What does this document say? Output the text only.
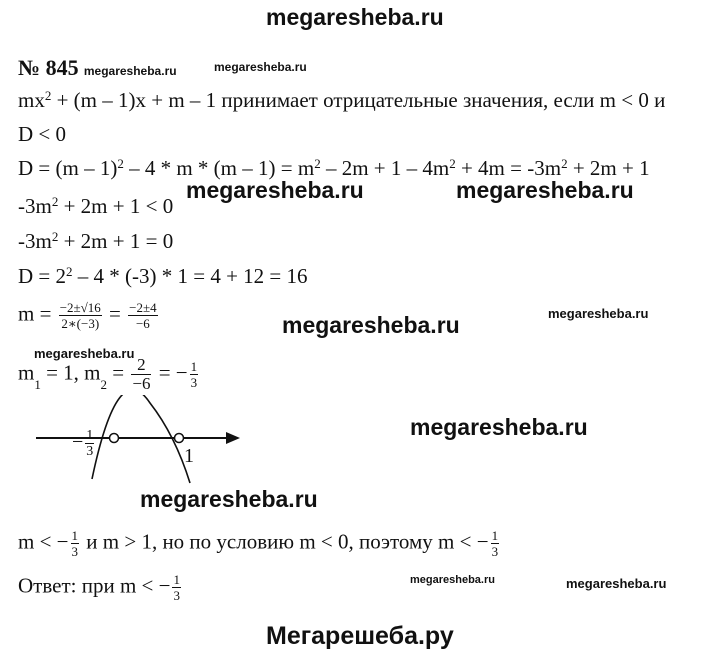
megaresheba.ru
№ 845 megaresheba.ru	megaresheba.ru
$mx^2 + (m - 1)x + m - 1$ принимает отрицательные значения, если m < 0 и
D < 0
$D = (m - 1)^2 - 4 * m * (m - 1) = m^2 - 2m + 1 - 4m^2 + 4m = -3m^2 + 2m + 1$
megaresheba.ru	megaresheba.ru
$-3m^2 + 2m + 1 < 0$
$-3m^2 + 2m + 1 = 0$
$D = 2^2 - 4 * (-3) * 1 = 4 + 12 = 16$
$m = \frac{-2\pm√16}{2∗(-3)} = \frac{-2\pm 4}{-6}$	megaresheba.ru	megaresheba.ru
megaresheba.ru
$m_1 = 1$, $m_2 = \frac{2}{-6}$ = − $\frac{1}{3}$
− $\frac{1}{3}$	1
megaresheba.ru
megaresheba.ru
m < − $\frac{1}{3}$ и m > 1, но по условию m < 0, поэтому m < − $\frac{1}{3}$
Ответ: при m < − $\frac{1}{3}$	megaresheba.ru	megaresheba.ru
Мегарешеба.ру
